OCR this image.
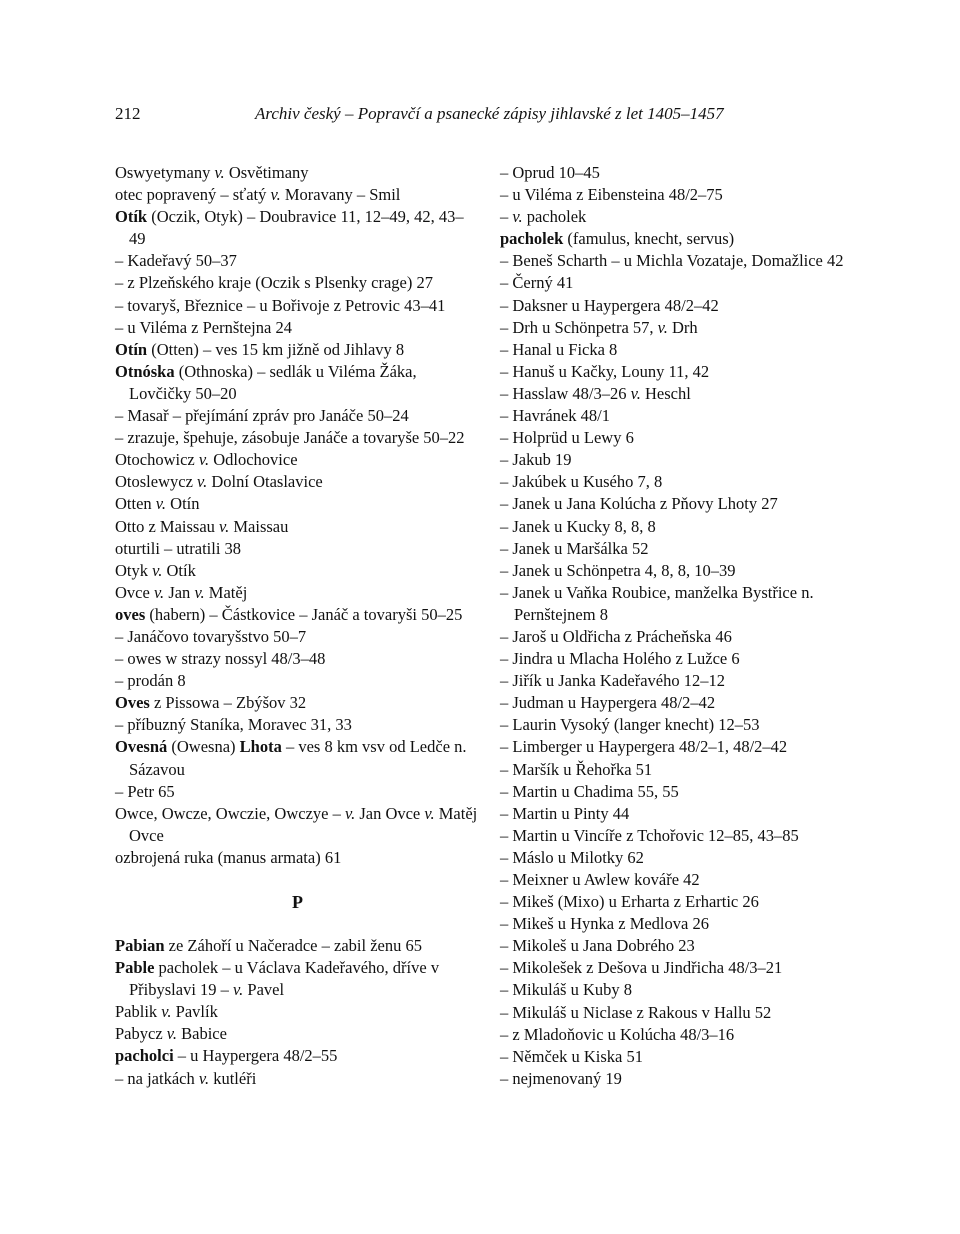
212	Archiv český – Popravčí a psanecké zápisy jihlavské z let 1405–1457
Oswyetymany v. Osvětimany
otec popravený – sťatý v. Moravany – Smil
Otík (Oczik, Otyk) – Doubravice 11, 12–49, 42, 43–49
– Kadeřavý 50–37
– z Plzeňského kraje (Oczik s Plsenky crage) 27
– tovaryš, Březnice – u Bořivoje z Petrovic 43–41
– u Viléma z Pernštejna 24
Otín (Otten) – ves 15 km jižně od Jihlavy 8
Otnóska (Othnoska) – sedlák u Viléma Žáka, Lovčičky 50–20
– Masař – přejímání zpráv pro Janáče 50–24
– zrazuje, špehuje, zásobuje Janáče a tovaryše 50–22
Otochowicz v. Odlochovice
Otoslewycz v. Dolní Otaslavice
Otten v. Otín
Otto z Maissau v. Maissau
oturtili – utratili 38
Otyk v. Otík
Ovce v. Jan v. Matěj
oves (habern) – Částkovice – Janáč a tovaryši 50–25
– Janáčovo tovaryšstvo 50–7
– owes w strazy nossyl 48/3–48
– prodán 8
Oves z Pissowa – Zbýšov 32
– příbuzný Staníka, Moravec 31, 33
Ovesná (Owesna) Lhota – ves 8 km vsv od Ledče n. Sázavou
– Petr 65
Owce, Owcze, Owczie, Owczye – v. Jan Ovce v. Matěj Ovce
ozbrojená ruka (manus armata) 61
P
Pabian ze Záhoří u Načeradce – zabil ženu 65
Pable pacholek – u Václava Kadeřavého, dříve v Přibyslavi 19 – v. Pavel
Pablik v. Pavlík
Pabycz v. Babice
pacholci – u Haypergera 48/2–55
– na jatkách v. kutléři
– Oprud 10–45
– u Viléma z Eibensteina 48/2–75
– v. pacholek
pacholek (famulus, knecht, servus)
– Beneš Scharth – u Michla Vozataje, Domažlice 42
– Černý 41
– Daksner u Haypergera 48/2–42
– Drh u Schönpetra 57, v. Drh
– Hanal u Ficka 8
– Hanuš u Kačky, Louny 11, 42
– Hasslaw 48/3–26 v. Heschl
– Havránek 48/1
– Holprüd u Lewy 6
– Jakub 19
– Jakúbek u Kusého 7, 8
– Janek u Jana Kolúcha z Pňovy Lhoty 27
– Janek u Kucky 8, 8, 8
– Janek u Maršálka 52
– Janek u Schönpetra 4, 8, 8, 10–39
– Janek u Vaňka Roubice, manželka Bystřice n. Pernštejnem 8
– Jaroš u Oldřicha z Prácheňska 46
– Jindra u Mlacha Holého z Lužce 6
– Jiřík u Janka Kadeřavého 12–12
– Judman u Haypergera 48/2–42
– Laurin Vysoký (langer knecht) 12–53
– Limberger u Haypergera 48/2–1, 48/2–42
– Maršík u Řehořka 51
– Martin u Chadima 55, 55
– Martin u Pinty 44
– Martin u Vincíře z Tchořovic 12–85, 43–85
– Máslo u Milotky 62
– Meixner u Awlew kováře 42
– Mikeš (Mixo) u Erharta z Erhartic 26
– Mikeš u Hynka z Medlova 26
– Mikoleš u Jana Dobrého 23
– Mikolešek z Dešova u Jindřicha 48/3–21
– Mikuláš u Kuby 8
– Mikuláš u Niclase z Rakous v Hallu 52
– z Mladoňovic u Kolúcha 48/3–16
– Němček u Kiska 51
– nejmenovaný 19
